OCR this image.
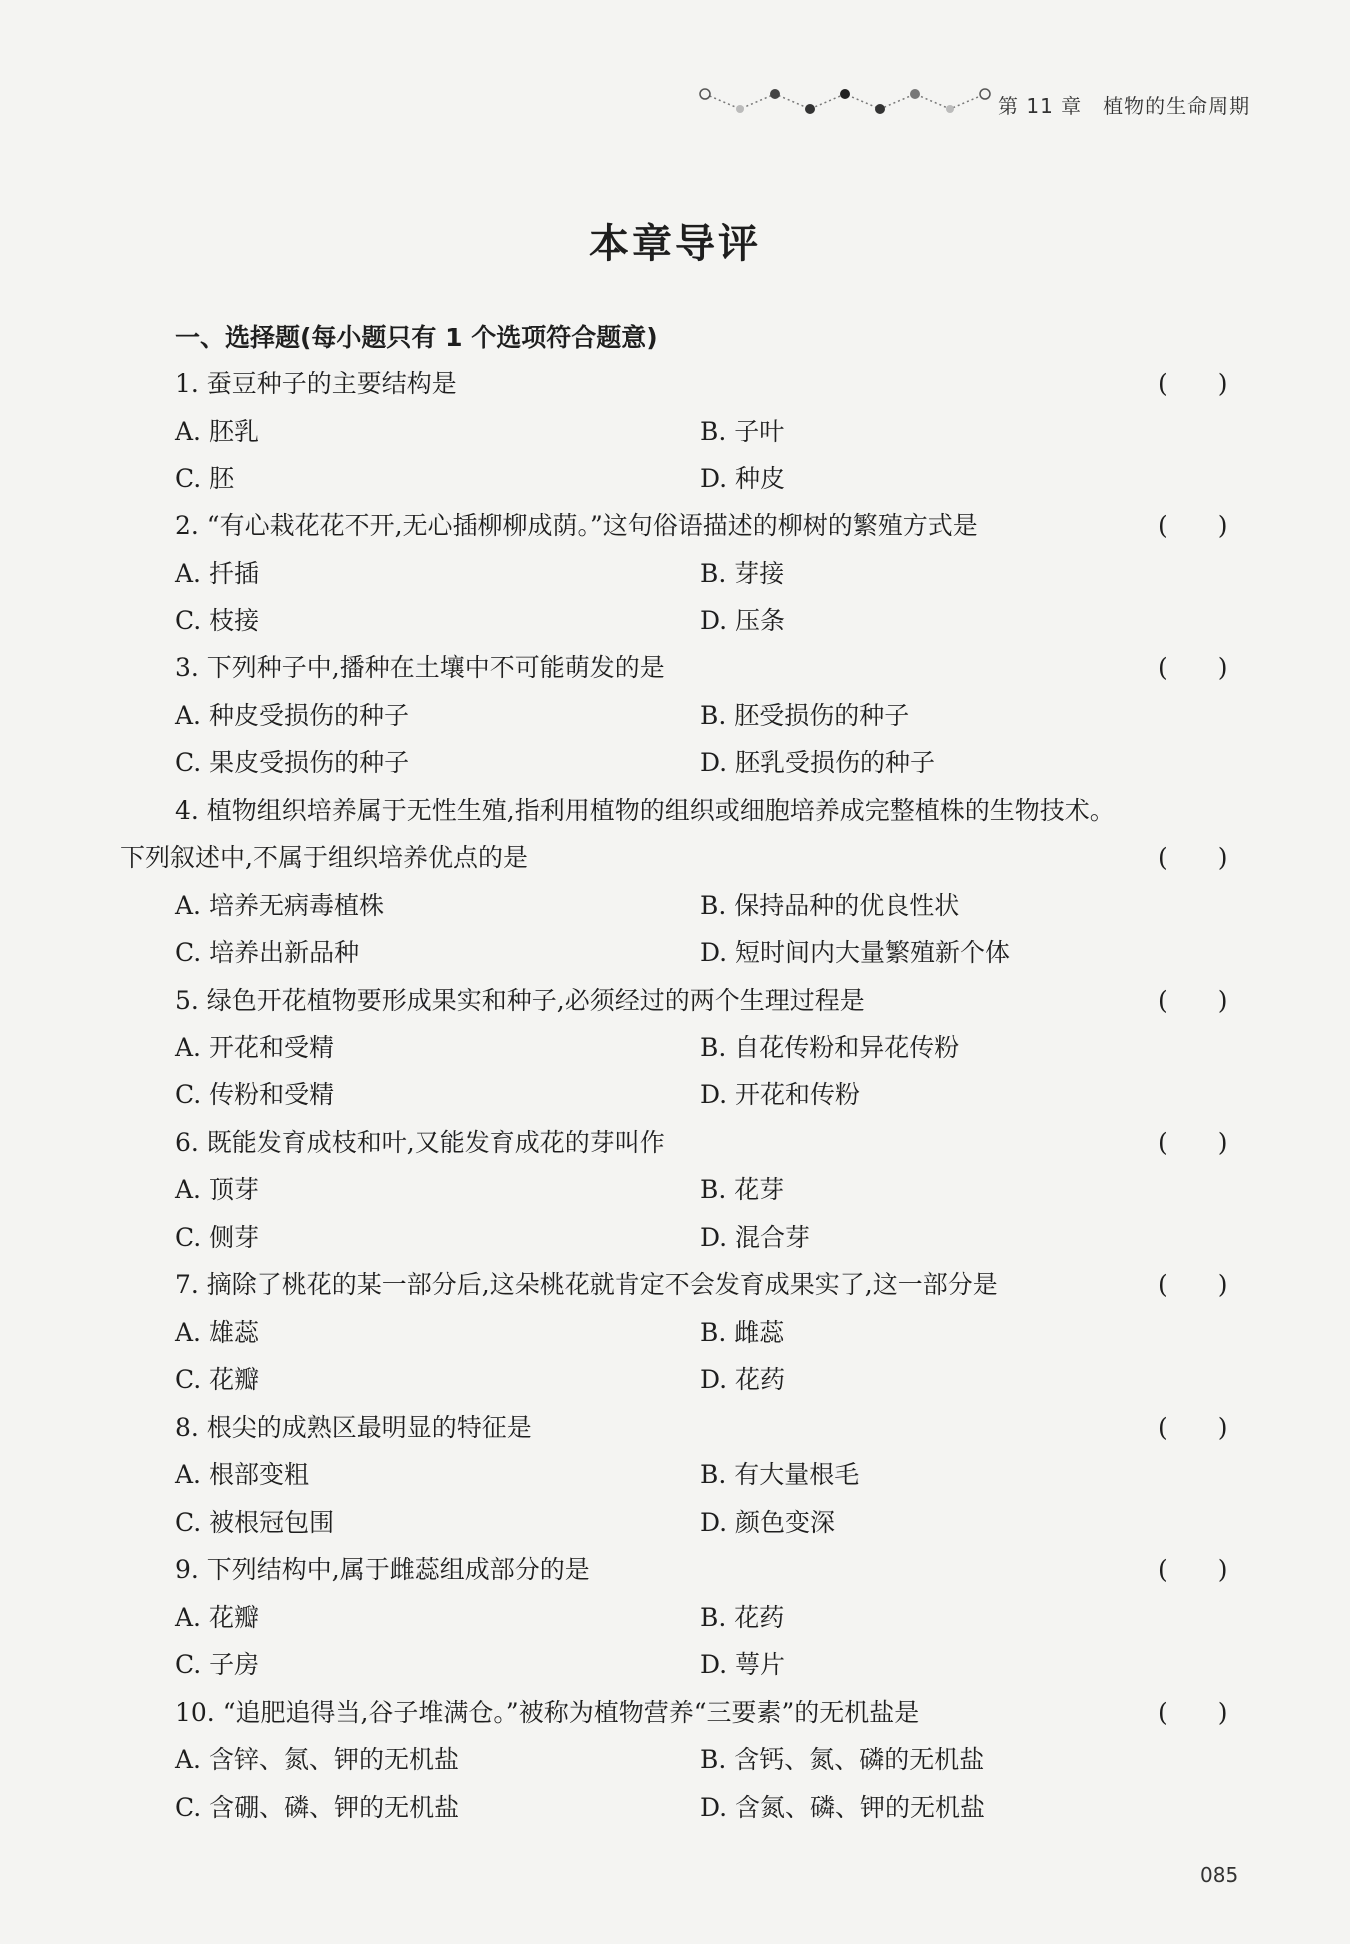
第 11 章　植物的生命周期
本章导评
一、选择题(每小题只有 1 个选项符合题意)
1. 蚕豆种子的主要结构是	(　　)
A. 胚乳	B. 子叶
C. 胚	D. 种皮
2. “有心栽花花不开,无心插柳柳成荫。”这句俗语描述的柳树的繁殖方式是	(　　)
A. 扦插	B. 芽接
C. 枝接	D. 压条
3. 下列种子中,播种在土壤中不可能萌发的是	(　　)
A. 种皮受损伤的种子	B. 胚受损伤的种子
C. 果皮受损伤的种子	D. 胚乳受损伤的种子
4. 植物组织培养属于无性生殖,指利用植物的组织或细胞培养成完整植株的生物技术。
下列叙述中,不属于组织培养优点的是	(　　)
A. 培养无病毒植株	B. 保持品种的优良性状
C. 培养出新品种	D. 短时间内大量繁殖新个体
5. 绿色开花植物要形成果实和种子,必须经过的两个生理过程是	(　　)
A. 开花和受精	B. 自花传粉和异花传粉
C. 传粉和受精	D. 开花和传粉
6. 既能发育成枝和叶,又能发育成花的芽叫作	(　　)
A. 顶芽	B. 花芽
C. 侧芽	D. 混合芽
7. 摘除了桃花的某一部分后,这朵桃花就肯定不会发育成果实了,这一部分是	(　　)
A. 雄蕊	B. 雌蕊
C. 花瓣	D. 花药
8. 根尖的成熟区最明显的特征是	(　　)
A. 根部变粗	B. 有大量根毛
C. 被根冠包围	D. 颜色变深
9. 下列结构中,属于雌蕊组成部分的是	(　　)
A. 花瓣	B. 花药
C. 子房	D. 萼片
10. “追肥追得当,谷子堆满仓。”被称为植物营养“三要素”的无机盐是	(　　)
A. 含锌、氮、钾的无机盐	B. 含钙、氮、磷的无机盐
C. 含硼、磷、钾的无机盐	D. 含氮、磷、钾的无机盐
085
